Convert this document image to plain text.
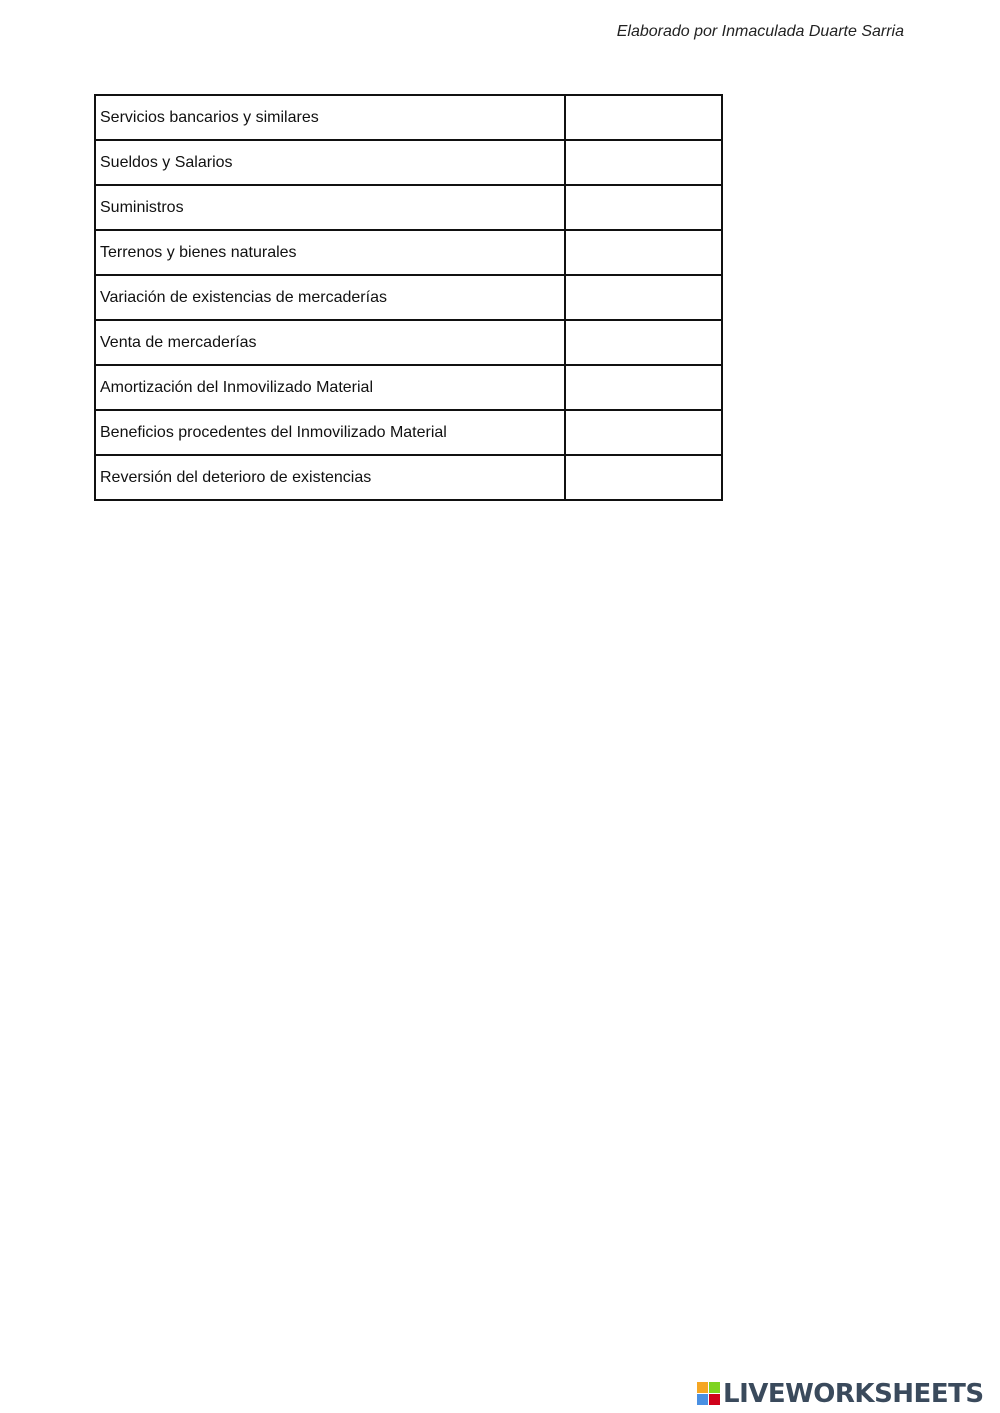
Elaborado por Inmaculada Duarte Sarria
Servicios bancarios y similares	

Sueldos y Salarios	

Suministros	

Terrenos y bienes naturales	

Variación de existencias de mercaderías	

Venta de mercaderías	

Amortización del Inmovilizado Material	

Beneficios procedentes del Inmovilizado Material	

Reversión del deterioro de existencias	
LIVEWORKSHEETS
